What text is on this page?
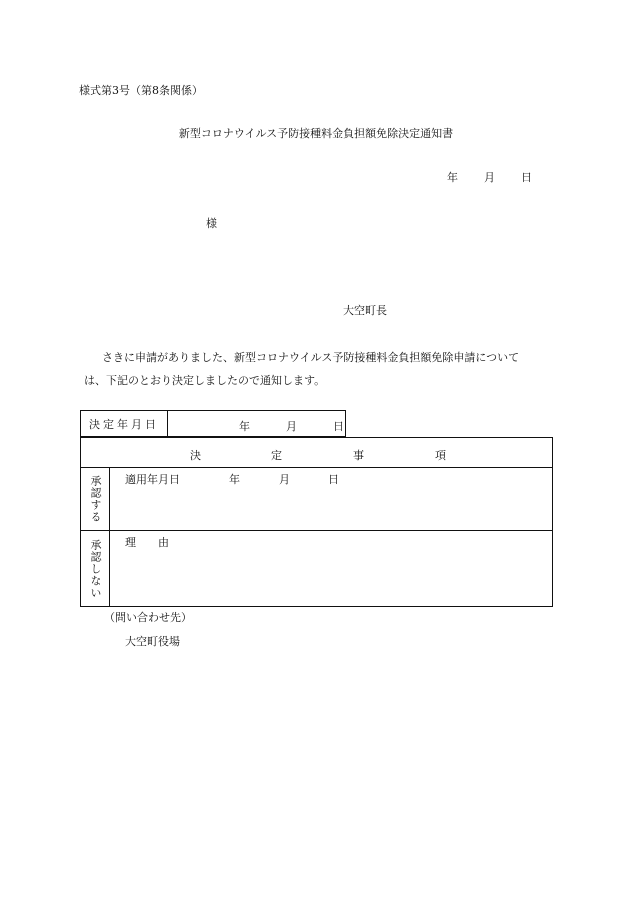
様式第3号（第8条関係）
新型コロナウイルス予防接種料金負担額免除決定通知書
年 月 日
様
大空町長
さきに申請がありました、新型コロナウイルス予防接種料金負担額免除申請について
は、下記のとおり決定しましたので通知します。
決定年月日	年	月	日
決	定	事	項
承認する	適用年月日	年	月	日
承認しない	理　　由
（問い合わせ先）
大空町役場
